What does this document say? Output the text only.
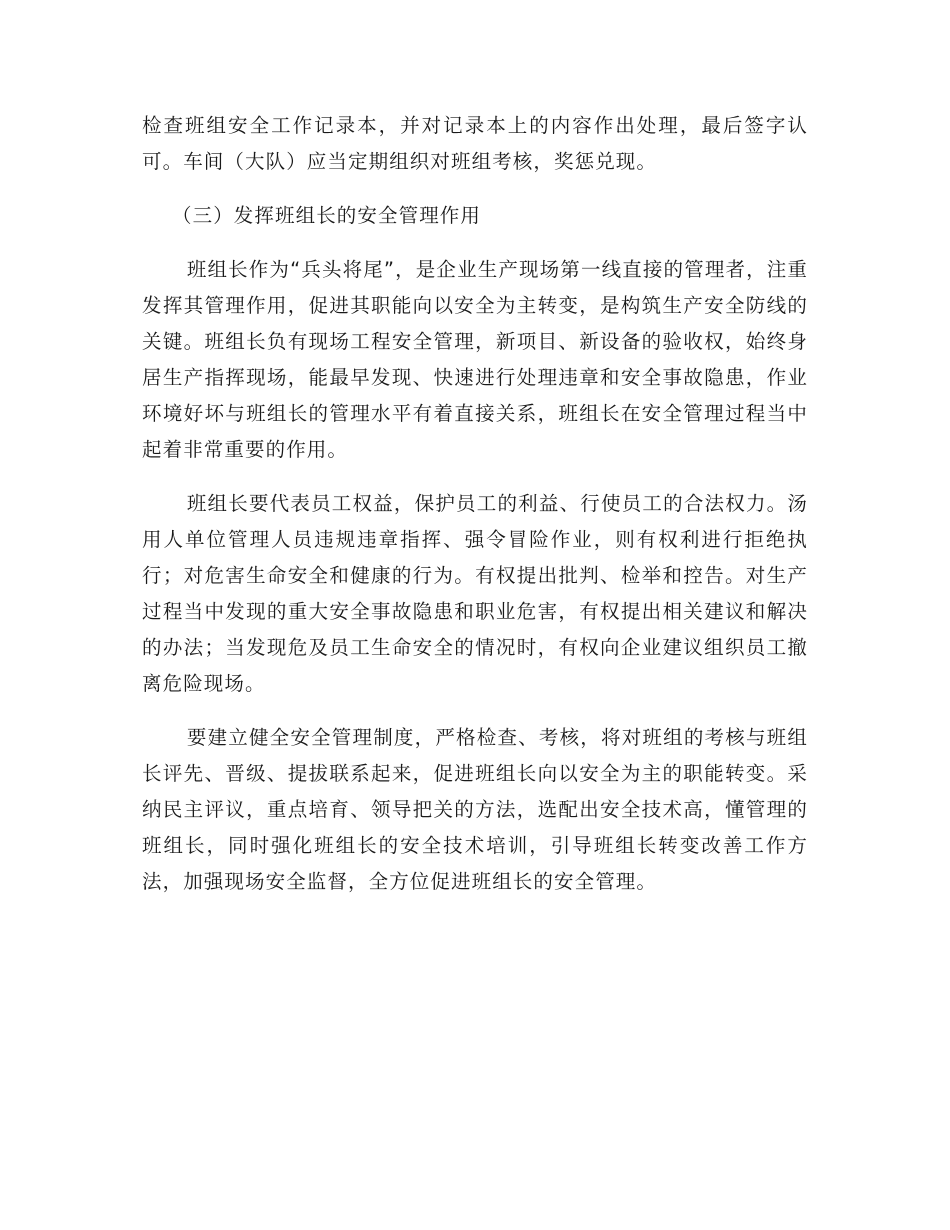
检查班组安全工作记录本，并对记录本上的内容作出处理，最后签字认可。车间（大队）应当定期组织对班组考核，奖惩兑现。

（三）发挥班组长的安全管理作用

班组长作为“兵头将尾”，是企业生产现场第一线直接的管理者，注重发挥其管理作用，促进其职能向以安全为主转变，是构筑生产安全防线的关键。班组长负有现场工程安全管理，新项目、新设备的验收权，始终身居生产指挥现场，能最早发现、快速进行处理违章和安全事故隐患，作业环境好坏与班组长的管理水平有着直接关系，班组长在安全管理过程当中起着非常重要的作用。

班组长要代表员工权益，保护员工的利益、行使员工的合法权力。汤用人单位管理人员违规违章指挥、强令冒险作业，则有权利进行拒绝执行；对危害生命安全和健康的行为。有权提出批判、检举和控告。对生产过程当中发现的重大安全事故隐患和职业危害，有权提出相关建议和解决的办法；当发现危及员工生命安全的情况时，有权向企业建议组织员工撤离危险现场。

要建立健全安全管理制度，严格检查、考核，将对班组的考核与班组长评先、晋级、提拔联系起来，促进班组长向以安全为主的职能转变。采纳民主评议，重点培育、领导把关的方法，选配出安全技术高，懂管理的班组长，同时强化班组长的安全技术培训，引导班组长转变改善工作方法，加强现场安全监督，全方位促进班组长的安全管理。
